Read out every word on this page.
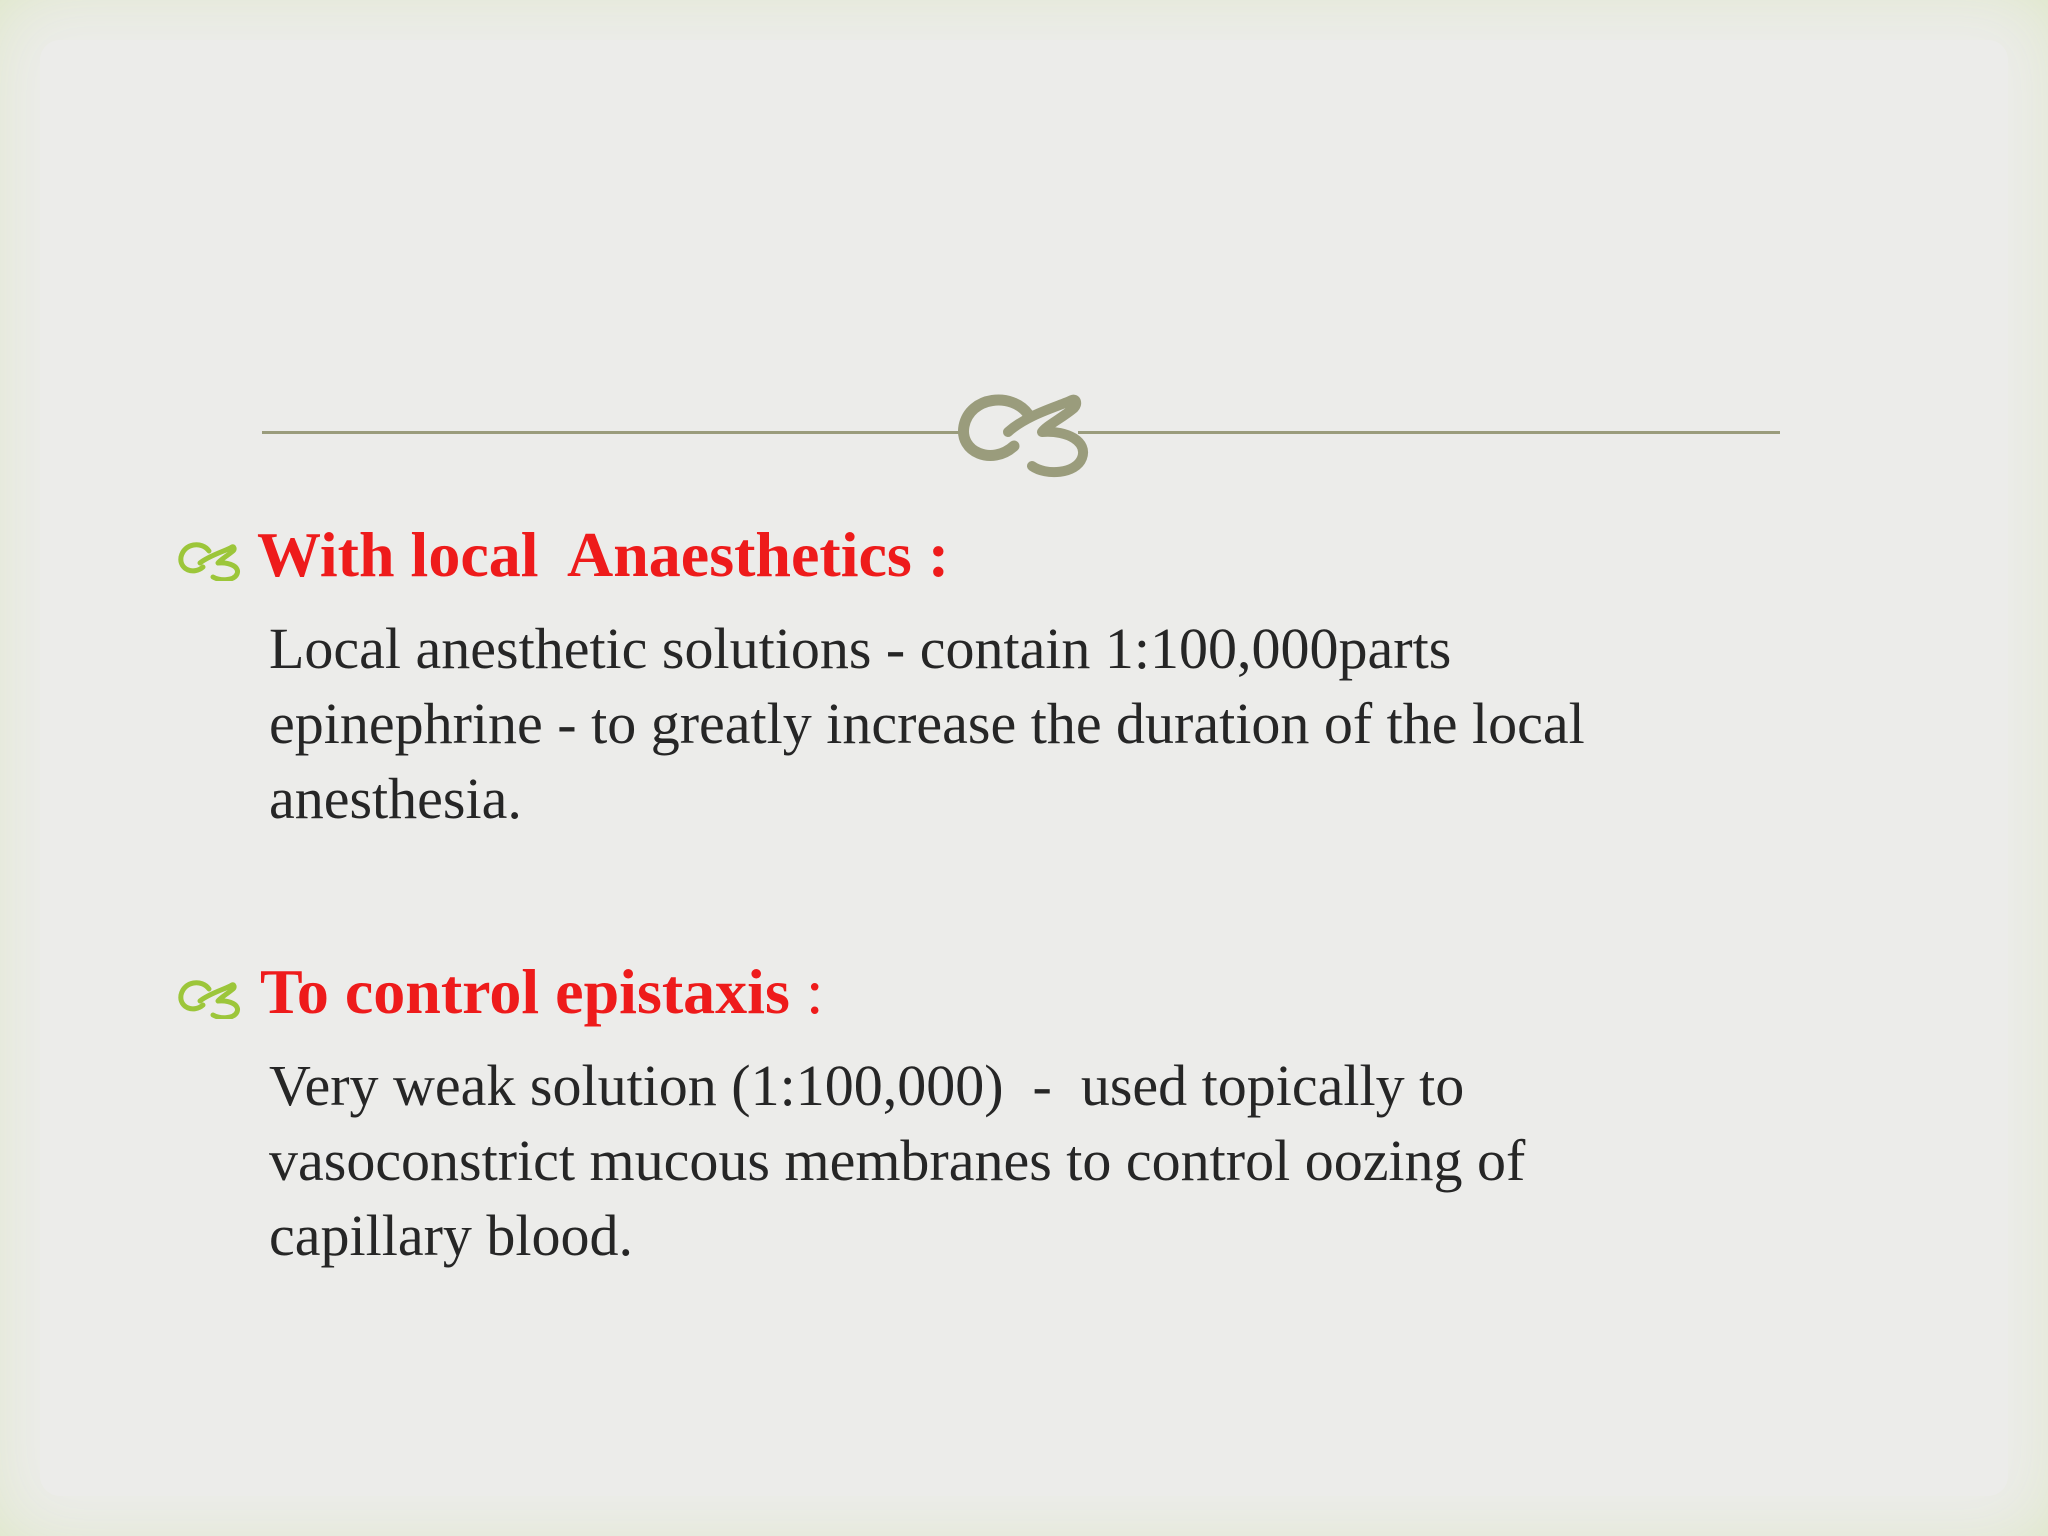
With local  Anaesthetics :

Local anesthetic solutions - contain 1:100,000parts
epinephrine - to greatly increase the duration of the local
anesthesia.

To control epistaxis :

Very weak solution (1:100,000)  -  used topically to
vasoconstrict mucous membranes to control oozing of
capillary blood.
